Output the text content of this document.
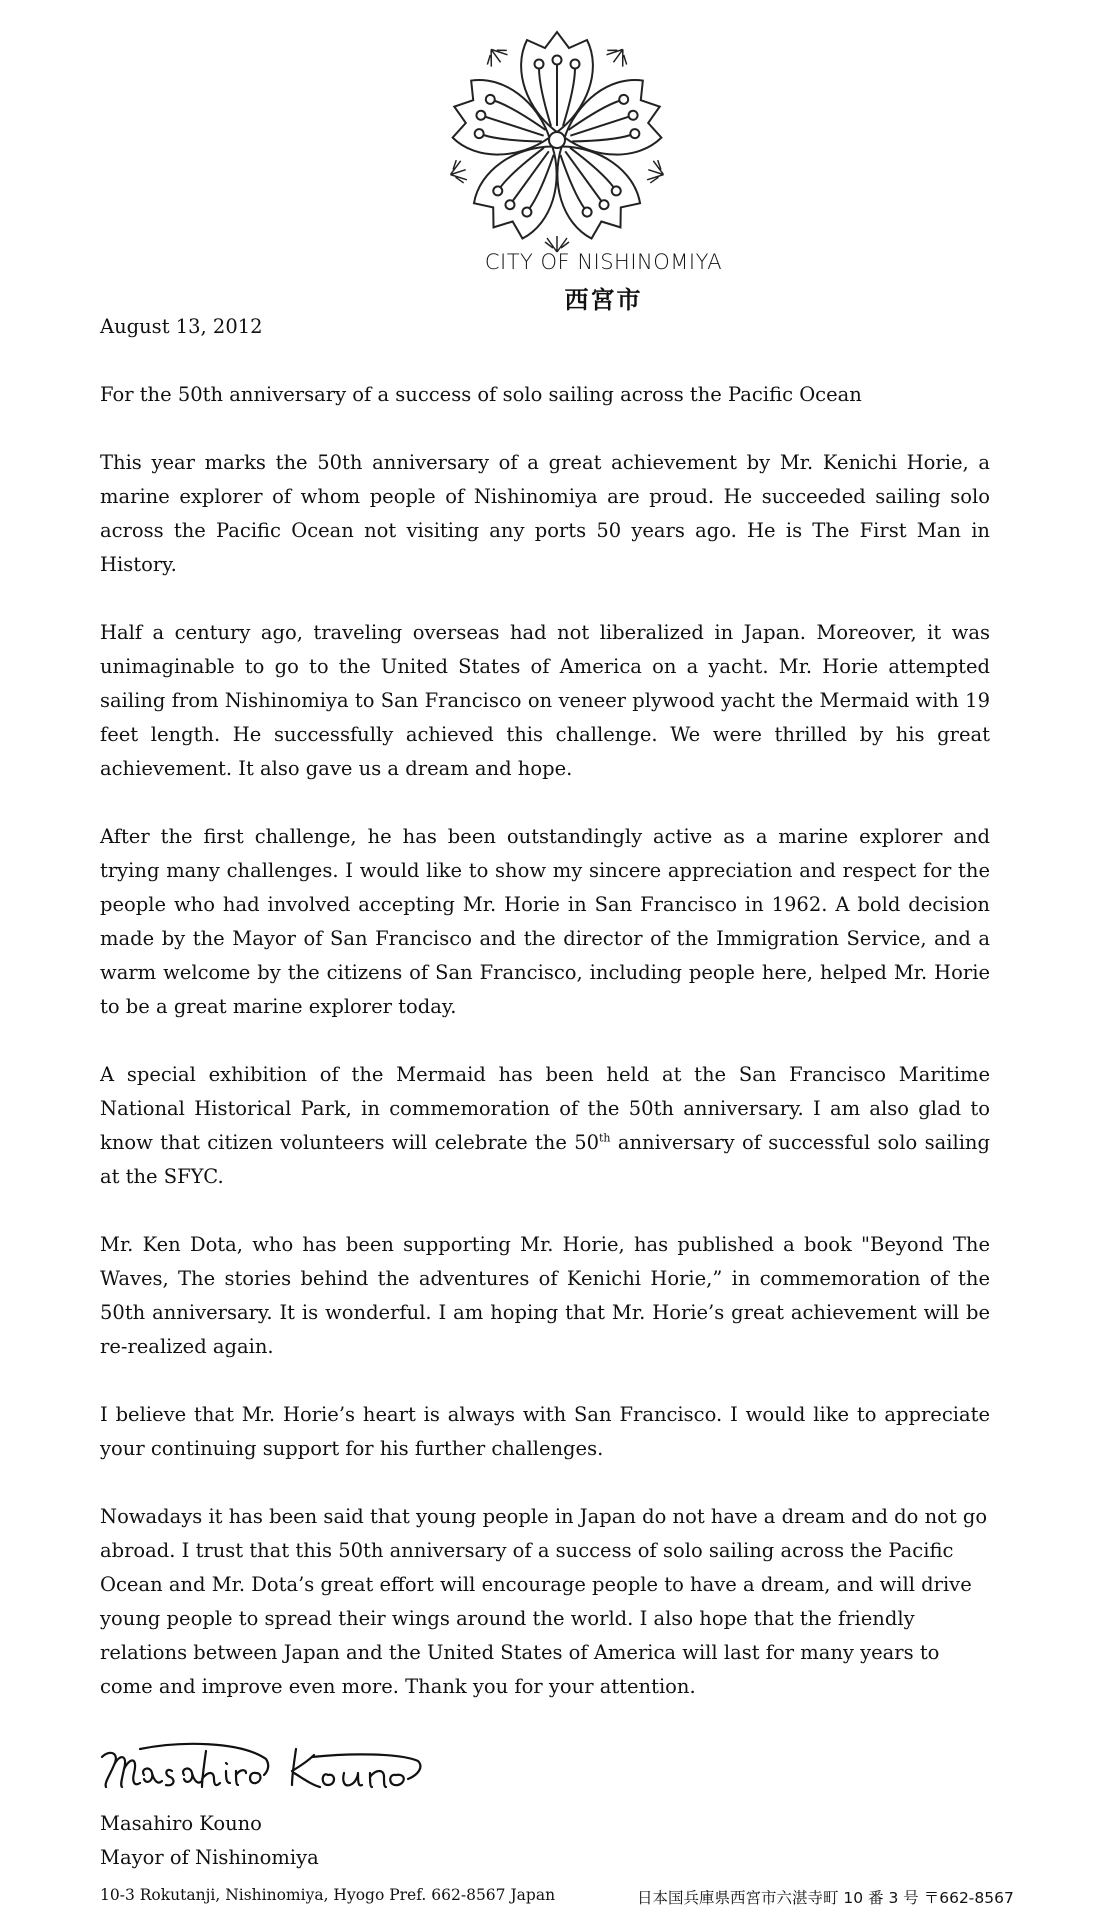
CITY OF NISHINOMIYA
西宮市

August 13, 2012

For the 50th anniversary of a success of solo sailing across the Pacific Ocean

This year marks the 50th anniversary of a great achievement by Mr. Kenichi Horie, a marine explorer of whom people of Nishinomiya are proud. He succeeded sailing solo across the Pacific Ocean not visiting any ports 50 years ago. He is The First Man in History.

Half a century ago, traveling overseas had not liberalized in Japan. Moreover, it was unimaginable to go to the United States of America on a yacht. Mr. Horie attempted sailing from Nishinomiya to San Francisco on veneer plywood yacht the Mermaid with 19 feet length. He successfully achieved this challenge. We were thrilled by his great achievement. It also gave us a dream and hope.

After the first challenge, he has been outstandingly active as a marine explorer and trying many challenges. I would like to show my sincere appreciation and respect for the people who had involved accepting Mr. Horie in San Francisco in 1962. A bold decision made by the Mayor of San Francisco and the director of the Immigration Service, and a warm welcome by the citizens of San Francisco, including people here, helped Mr. Horie to be a great marine explorer today.

A special exhibition of the Mermaid has been held at the San Francisco Maritime National Historical Park, in commemoration of the 50th anniversary. I am also glad to know that citizen volunteers will celebrate the 50th anniversary of successful solo sailing at the SFYC.

Mr. Ken Dota, who has been supporting Mr. Horie, has published a book "Beyond The Waves, The stories behind the adventures of Kenichi Horie,” in commemoration of the 50th anniversary. It is wonderful. I am hoping that Mr. Horie’s great achievement will be re-realized again.

I believe that Mr. Horie’s heart is always with San Francisco. I would like to appreciate your continuing support for his further challenges.

Nowadays it has been said that young people in Japan do not have a dream and do not go abroad. I trust that this 50th anniversary of a success of solo sailing across the Pacific Ocean and Mr. Dota’s great effort will encourage people to have a dream, and will drive young people to spread their wings around the world. I also hope that the friendly relations between Japan and the United States of America will last for many years to come and improve even more. Thank you for your attention.

Masahiro Kouno
Mayor of Nishinomiya
10-3 Rokutanji, Nishinomiya, Hyogo Pref. 662-8567 Japan	日本国兵庫県西宮市六湛寺町 10 番 3 号 〒662-8567
